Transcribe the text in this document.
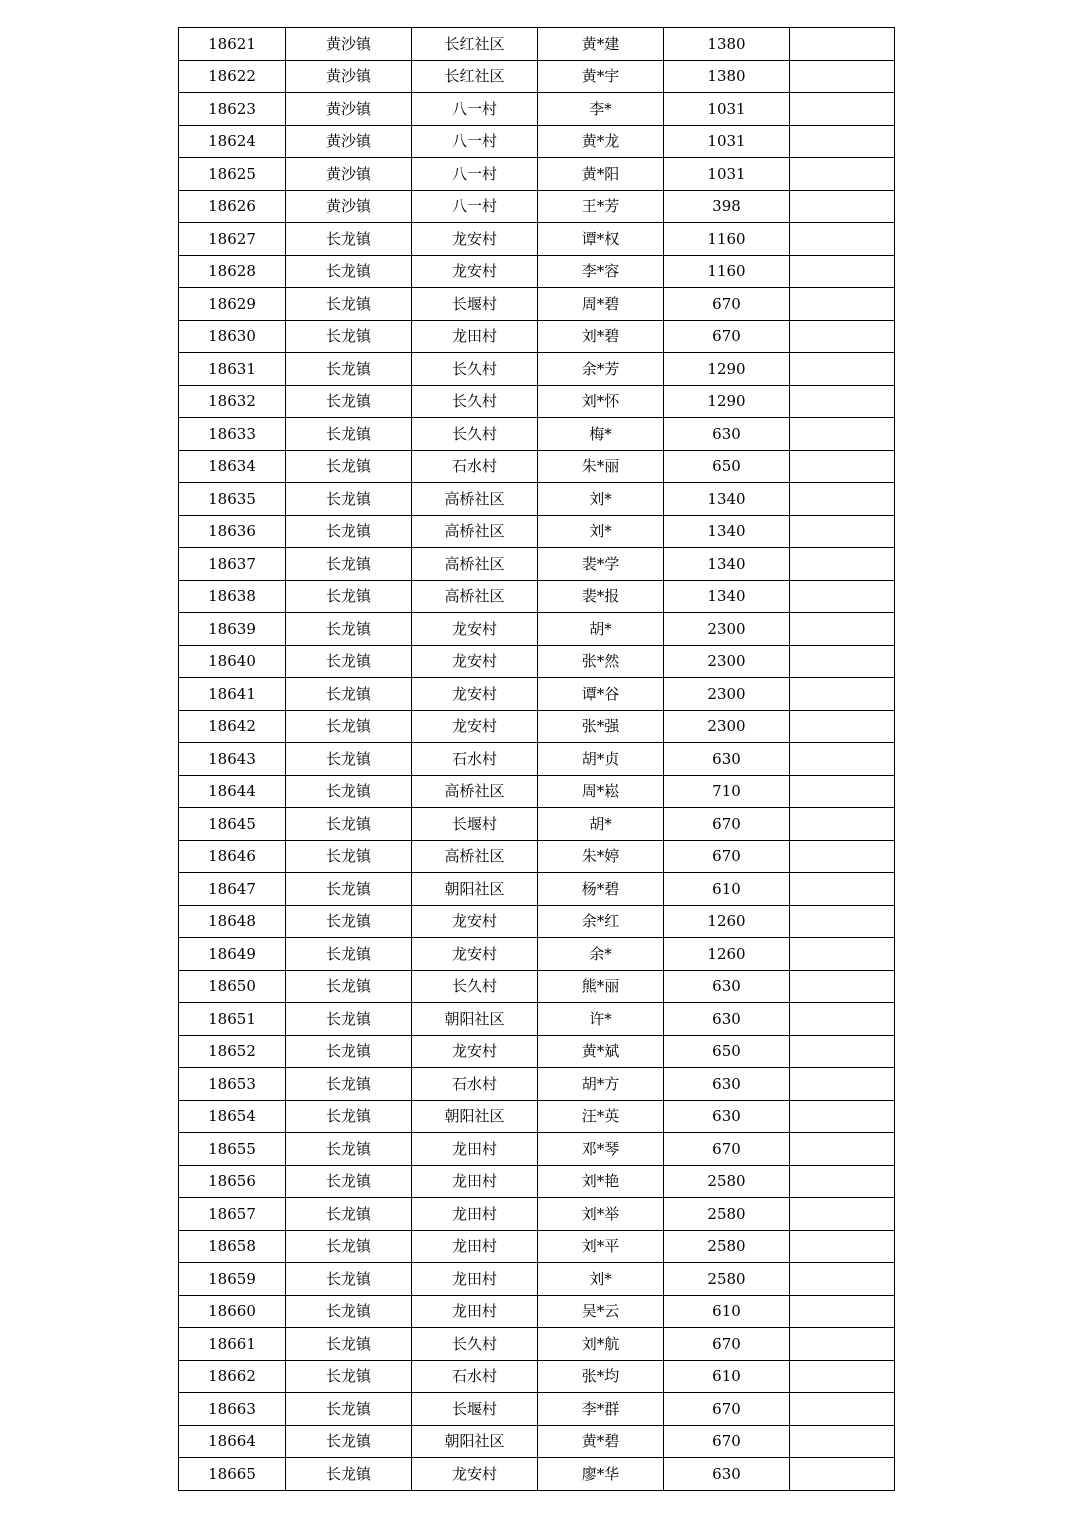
18621	黄沙镇	长红社区	黄*建	1380	
18622	黄沙镇	长红社区	黄*宇	1380	
18623	黄沙镇	八一村	李*	1031	
18624	黄沙镇	八一村	黄*龙	1031	
18625	黄沙镇	八一村	黄*阳	1031	
18626	黄沙镇	八一村	王*芳	398	
18627	长龙镇	龙安村	谭*权	1160	
18628	长龙镇	龙安村	李*容	1160	
18629	长龙镇	长堰村	周*碧	670	
18630	长龙镇	龙田村	刘*碧	670	
18631	长龙镇	长久村	余*芳	1290	
18632	长龙镇	长久村	刘*怀	1290	
18633	长龙镇	长久村	梅*	630	
18634	长龙镇	石水村	朱*丽	650	
18635	长龙镇	高桥社区	刘*	1340	
18636	长龙镇	高桥社区	刘*	1340	
18637	长龙镇	高桥社区	裴*学	1340	
18638	长龙镇	高桥社区	裴*报	1340	
18639	长龙镇	龙安村	胡*	2300	
18640	长龙镇	龙安村	张*然	2300	
18641	长龙镇	龙安村	谭*谷	2300	
18642	长龙镇	龙安村	张*强	2300	
18643	长龙镇	石水村	胡*贞	630	
18644	长龙镇	高桥社区	周*崧	710	
18645	长龙镇	长堰村	胡*	670	
18646	长龙镇	高桥社区	朱*婷	670	
18647	长龙镇	朝阳社区	杨*碧	610	
18648	长龙镇	龙安村	余*红	1260	
18649	长龙镇	龙安村	余*	1260	
18650	长龙镇	长久村	熊*丽	630	
18651	长龙镇	朝阳社区	许*	630	
18652	长龙镇	龙安村	黄*斌	650	
18653	长龙镇	石水村	胡*方	630	
18654	长龙镇	朝阳社区	汪*英	630	
18655	长龙镇	龙田村	邓*琴	670	
18656	长龙镇	龙田村	刘*艳	2580	
18657	长龙镇	龙田村	刘*举	2580	
18658	长龙镇	龙田村	刘*平	2580	
18659	长龙镇	龙田村	刘*	2580	
18660	长龙镇	龙田村	吴*云	610	
18661	长龙镇	长久村	刘*航	670	
18662	长龙镇	石水村	张*均	610	
18663	长龙镇	长堰村	李*群	670	
18664	长龙镇	朝阳社区	黄*碧	670	
18665	长龙镇	龙安村	廖*华	630	
